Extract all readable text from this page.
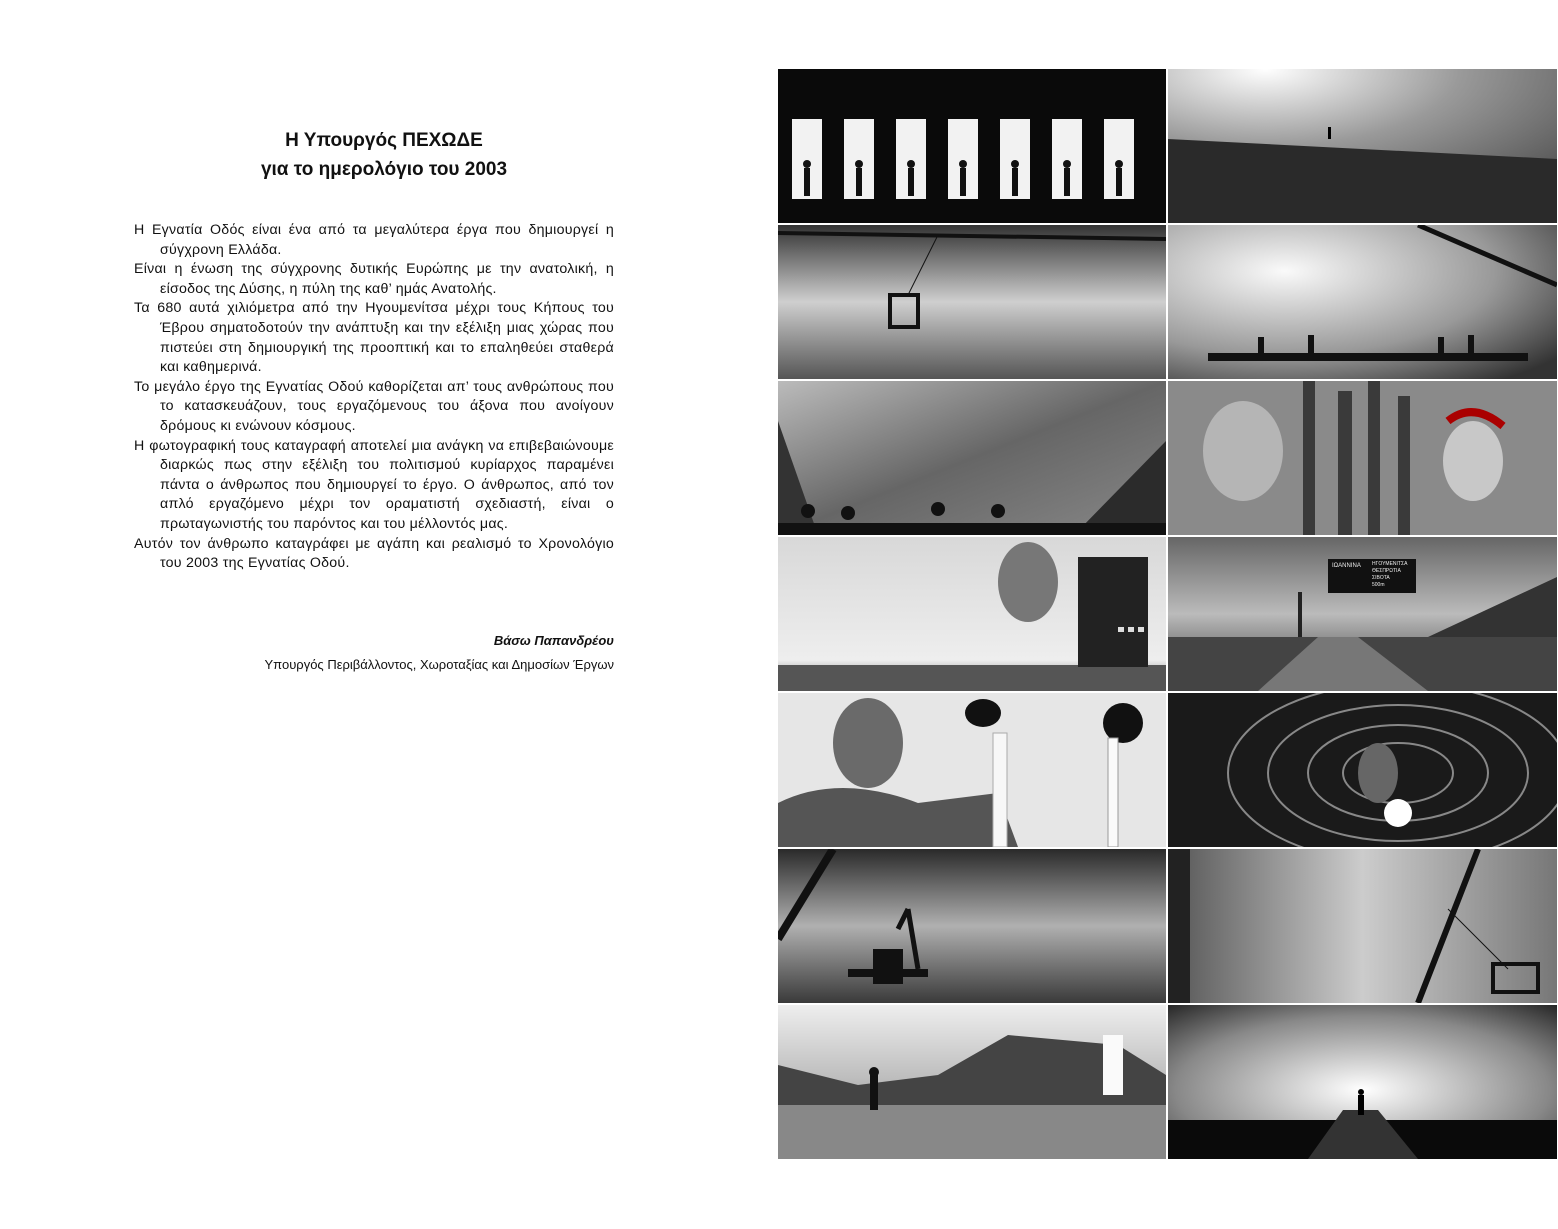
Η Υπουργός ΠΕΧΩΔΕ
για το ημερολόγιο του 2003

Η Εγνατία Οδός είναι ένα από τα μεγαλύτερα έργα που δημιουργεί η σύγχρονη Ελλάδα.

Είναι η ένωση της σύγχρονης δυτικής Ευρώπης με την ανατολική, η είσοδος της Δύσης, η πύλη της καθ’ ημάς Ανατολής.

Τα 680 αυτά χιλιόμετρα από την Ηγουμενίτσα μέχρι τους Κήπους του Έβρου σηματοδοτούν την ανάπτυξη και την εξέλιξη μιας χώρας που πιστεύει στη δημιουργική της προοπτική και το επαληθεύει σταθερά και καθημερινά.

Το μεγάλο έργο της Εγνατίας Οδού καθορίζεται απ’ τους ανθρώπους που το κατασκευάζουν, τους εργαζόμενους του άξονα που ανοίγουν δρόμους κι ενώνουν κόσμους.

Η φωτογραφική τους καταγραφή αποτελεί μια ανάγκη να επιβεβαιώνουμε διαρκώς πως στην εξέλιξη του πολιτισμού κυρίαρχος παραμένει πάντα ο άνθρωπος που δημιουργεί το έργο. Ο άνθρωπος, από τον απλό εργαζόμενο μέχρι τον οραματιστή σχεδιαστή, είναι ο πρωταγωνιστής του παρόντος και του μέλλοντός μας.

Αυτόν τον άνθρωπο καταγράφει με αγάπη και ρεαλισμό το Χρονολόγιο του 2003 της Εγνατίας Οδού.

Βάσω Παπανδρέου
Υπουργός Περιβάλλοντος, Χωροταξίας και Δημοσίων Έργων
ΙΩΑΝΝΙΝΑ ΗΓΟΥΜΕΝΙΤΣΑ
ΘΕΣΠΡΩΤΙΑ
ΣΙΒΟΤΑ
500m
